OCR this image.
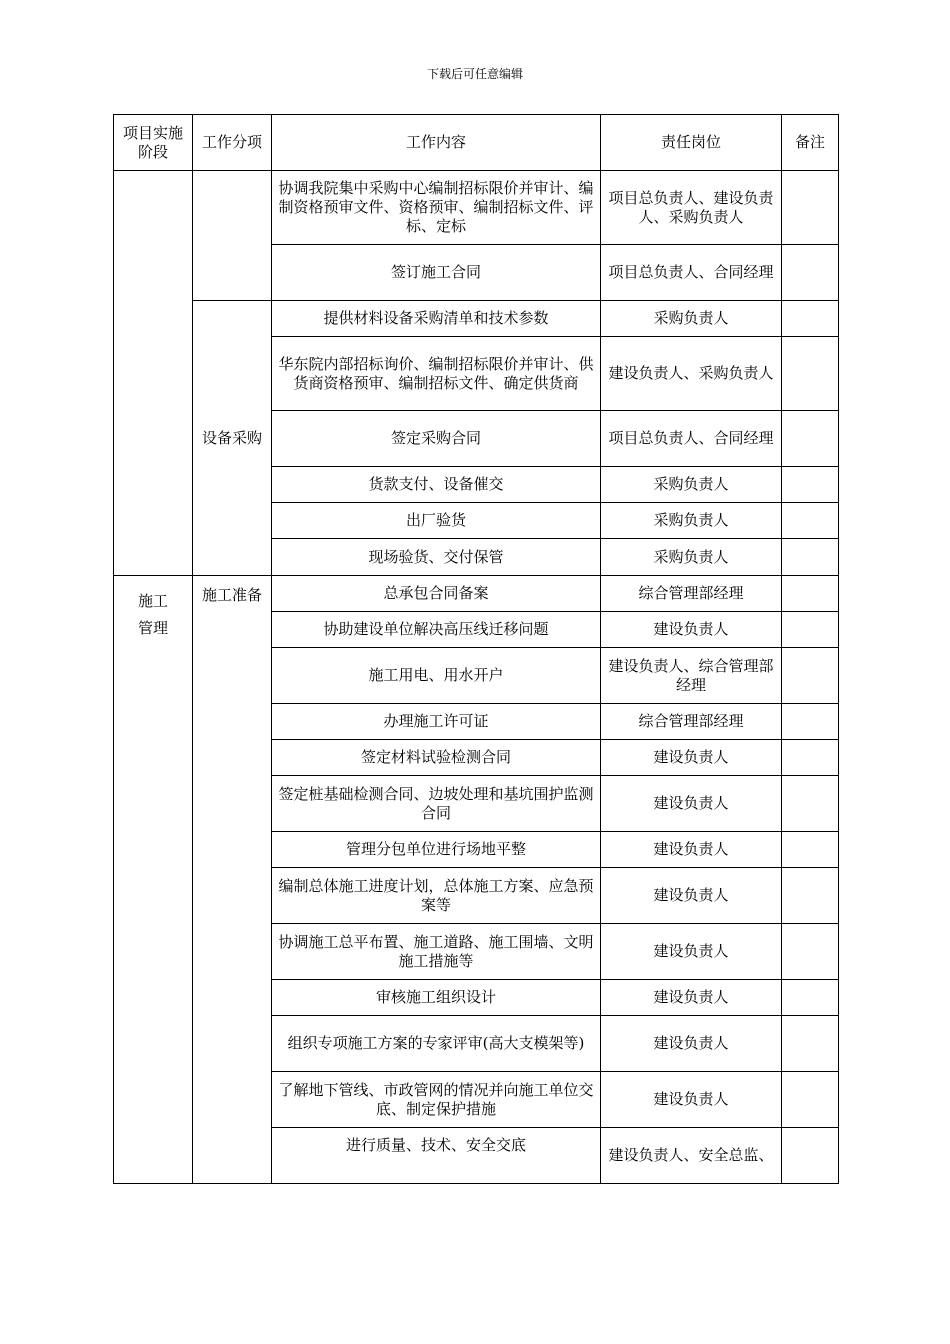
下载后可任意编辑
项目实施阶段	工作分项	工作内容	责任岗位	备注
		协调我院集中采购中心编制招标限价并审计、编制资格预审文件、资格预审、编制招标文件、评标、定标	项目总负责人、建设负责人、采购负责人	
		签订施工合同	项目总负责人、合同经理	
	设备采购	提供材料设备采购清单和技术参数	采购负责人	
		华东院内部招标询价、编制招标限价并审计、供货商资格预审、编制招标文件、确定供货商	建设负责人、采购负责人	
		签定采购合同	项目总负责人、合同经理	
		货款支付、设备催交	采购负责人	
		出厂验货	采购负责人	
		现场验货、交付保管	采购负责人	
施工
管理	施工准备	总承包合同备案	综合管理部经理	
		协助建设单位解决高压线迁移问题	建设负责人	
		施工用电、用水开户	建设负责人、综合管理部经理	
		办理施工许可证	综合管理部经理	
		签定材料试验检测合同	建设负责人	
		签定桩基础检测合同、边坡处理和基坑围护监测合同	建设负责人	
		管理分包单位进行场地平整	建设负责人	
		编制总体施工进度计划，总体施工方案、应急预案等	建设负责人	
		协调施工总平布置、施工道路、施工围墙、文明施工措施等	建设负责人	
		审核施工组织设计	建设负责人	
		组织专项施工方案的专家评审(高大支模架等)	建设负责人	
		了解地下管线、市政管网的情况并向施工单位交底、制定保护措施	建设负责人	
		进行质量、技术、安全交底	建设负责人、安全总监、	
